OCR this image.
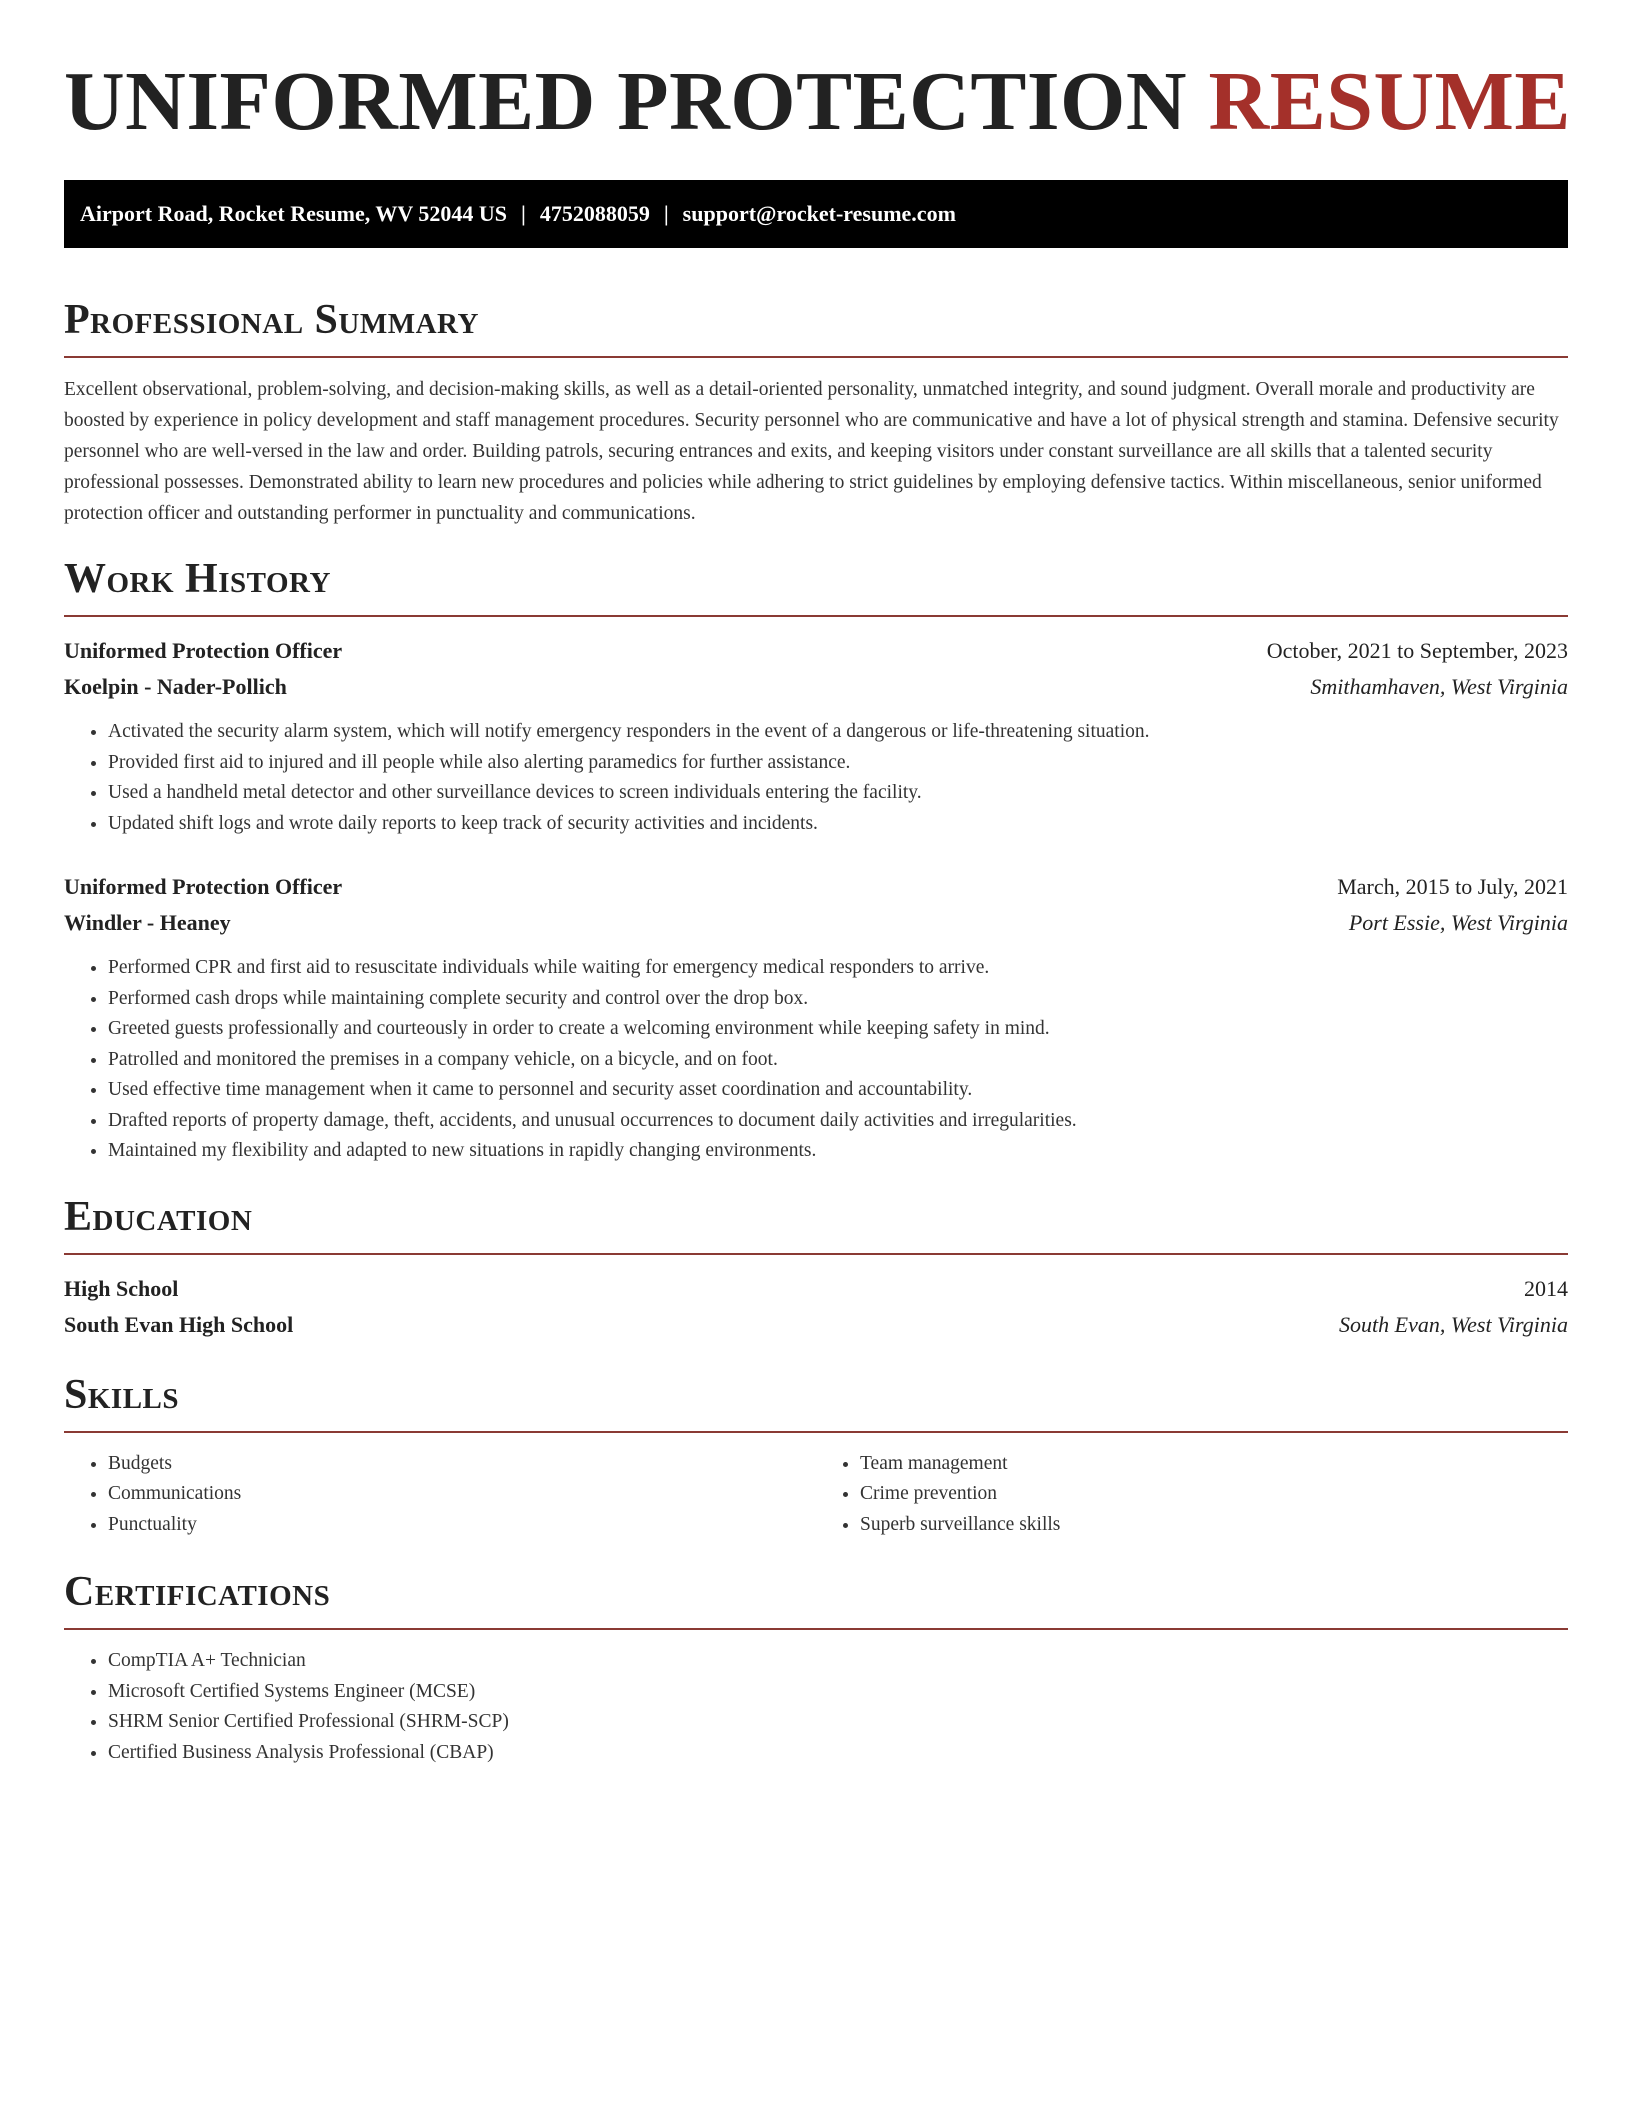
UNIFORMED PROTECTION RESUME
Airport Road, Rocket Resume, WV 52044 US | 4752088059 | support@rocket-resume.com
Professional Summary

Excellent observational, problem-solving, and decision-making skills, as well as a detail-oriented personality, unmatched integrity, and sound judgment. Overall morale and productivity are boosted by experience in policy development and staff management procedures. Security personnel who are communicative and have a lot of physical strength and stamina. Defensive security personnel who are well-versed in the law and order. Building patrols, securing entrances and exits, and keeping visitors under constant surveillance are all skills that a talented security professional possesses. Demonstrated ability to learn new procedures and policies while adhering to strict guidelines by employing defensive tactics. Within miscellaneous, senior uniformed protection officer and outstanding performer in punctuality and communications.

Work History
Uniformed Protection Officer	October, 2021 to September, 2023
Koelpin - Nader-Pollich	Smithamhaven, West Virginia
• Activated the security alarm system, which will notify emergency responders in the event of a dangerous or life-threatening situation.
• Provided first aid to injured and ill people while also alerting paramedics for further assistance.
• Used a handheld metal detector and other surveillance devices to screen individuals entering the facility.
• Updated shift logs and wrote daily reports to keep track of security activities and incidents.
Uniformed Protection Officer	March, 2015 to July, 2021
Windler - Heaney	Port Essie, West Virginia
• Performed CPR and first aid to resuscitate individuals while waiting for emergency medical responders to arrive.
• Performed cash drops while maintaining complete security and control over the drop box.
• Greeted guests professionally and courteously in order to create a welcoming environment while keeping safety in mind.
• Patrolled and monitored the premises in a company vehicle, on a bicycle, and on foot.
• Used effective time management when it came to personnel and security asset coordination and accountability.
• Drafted reports of property damage, theft, accidents, and unusual occurrences to document daily activities and irregularities.
• Maintained my flexibility and adapted to new situations in rapidly changing environments.
Education
High School	2014
South Evan High School	South Evan, West Virginia
Skills
• Budgets
• Communications
• Punctuality
• Team management
• Crime prevention
• Superb surveillance skills
Certifications
• CompTIA A+ Technician
• Microsoft Certified Systems Engineer (MCSE)
• SHRM Senior Certified Professional (SHRM-SCP)
• Certified Business Analysis Professional (CBAP)
